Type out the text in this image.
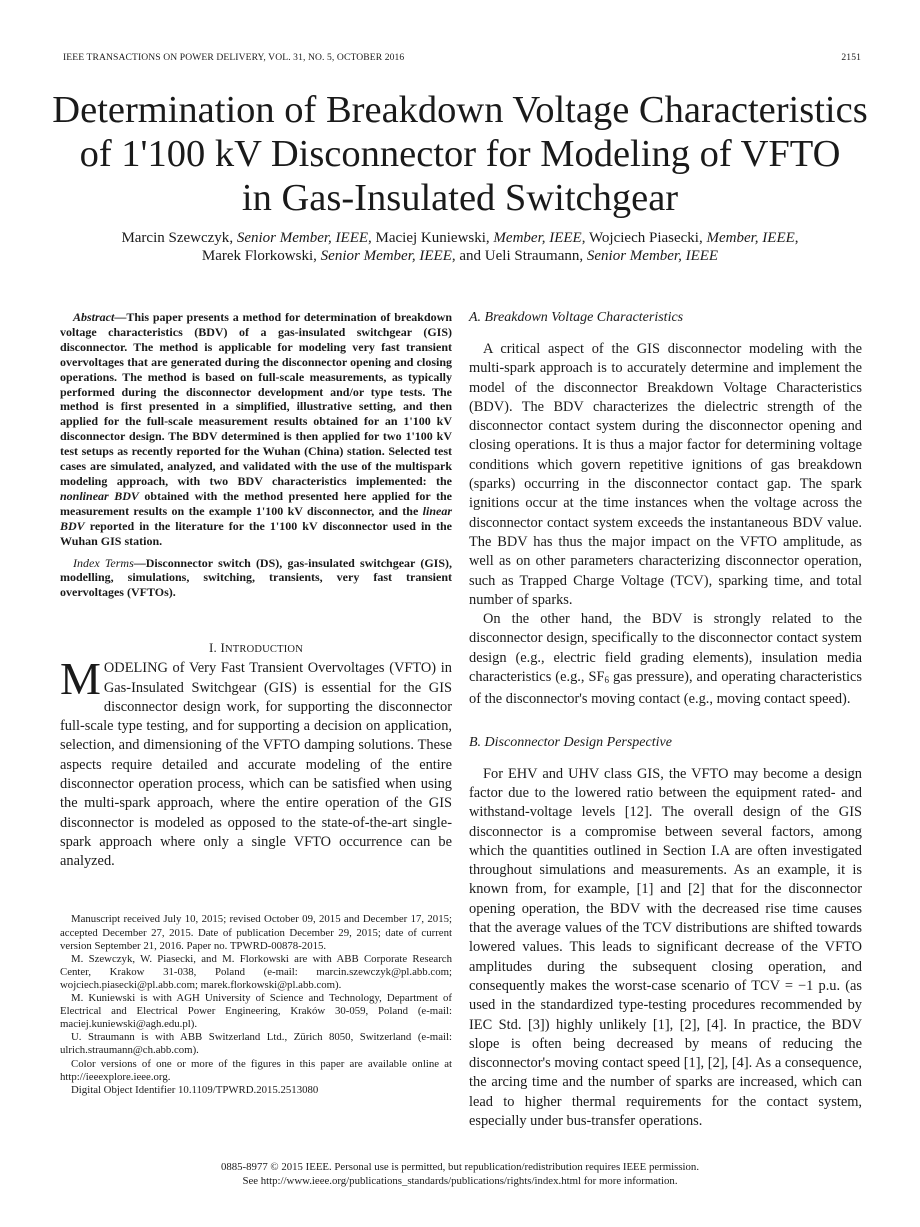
IEEE TRANSACTIONS ON POWER DELIVERY, VOL. 31, NO. 5, OCTOBER 2016	2151
Determination of Breakdown Voltage Characteristics
of 1'100 kV Disconnector for Modeling of VFTO
in Gas-Insulated Switchgear
Marcin Szewczyk, Senior Member, IEEE, Maciej Kuniewski, Member, IEEE, Wojciech Piasecki, Member, IEEE,
Marek Florkowski, Senior Member, IEEE, and Ueli Straumann, Senior Member, IEEE

Abstract—This paper presents a method for determination of breakdown voltage characteristics (BDV) of a gas-insulated switchgear (GIS) disconnector. The method is applicable for modeling very fast transient overvoltages that are generated during the disconnector opening and closing operations. The method is based on full-scale measurements, as typically performed during the disconnector development and/or type tests. The method is first presented in a simplified, illustrative setting, and then applied for the full-scale measurement results obtained for an 1'100 kV disconnector design. The BDV determined is then applied for two 1'100 kV test setups as recently reported for the Wuhan (China) station. Selected test cases are simulated, analyzed, and validated with the use of the multispark modeling approach, with two BDV characteristics implemented: the nonlinear BDV obtained with the method presented here applied for the measurement results on the example 1'100 kV disconnector, and the linear BDV reported in the literature for the 1'100 kV disconnector used in the Wuhan GIS station.

Index Terms—Disconnector switch (DS), gas-insulated switchgear (GIS), modelling, simulations, switching, transients, very fast transient overvoltages (VFTOs).

I. INTRODUCTION

MODELING of Very Fast Transient Overvoltages (VFTO) in Gas-Insulated Switchgear (GIS) is essential for the GIS disconnector design work, for supporting the disconnector full-scale type testing, and for supporting a decision on application, selection, and dimensioning of the VFTO damping solutions. These aspects require detailed and accurate modeling of the entire disconnector operation process, which can be satisfied when using the multi-spark approach, where the entire operation of the GIS disconnector is modeled as opposed to the state-of-the-art single-spark approach where only a single VFTO occurrence can be analyzed.

Manuscript received July 10, 2015; revised October 09, 2015 and December 17, 2015; accepted December 27, 2015. Date of publication December 29, 2015; date of current version September 21, 2016. Paper no. TPWRD-00878-2015.

M. Szewczyk, W. Piasecki, and M. Florkowski are with ABB Corporate Research Center, Krakow 31-038, Poland (e-mail: marcin.szewczyk@pl.abb.com; wojciech.piasecki@pl.abb.com; marek.florkowski@pl.abb.com).

M. Kuniewski is with AGH University of Science and Technology, Department of Electrical and Electrical Power Engineering, Kraków 30-059, Poland (e-mail: maciej.kuniewski@agh.edu.pl).

U. Straumann is with ABB Switzerland Ltd., Zürich 8050, Switzerland (e-mail: ulrich.straumann@ch.abb.com).

Color versions of one or more of the figures in this paper are available online at http://ieeexplore.ieee.org.

Digital Object Identifier 10.1109/TPWRD.2015.2513080

A. Breakdown Voltage Characteristics

A critical aspect of the GIS disconnector modeling with the multi-spark approach is to accurately determine and implement the model of the disconnector Breakdown Voltage Characteristics (BDV). The BDV characterizes the dielectric strength of the disconnector contact system during the disconnector opening and closing operations. It is thus a major factor for determining voltage conditions which govern repetitive ignitions of gas breakdown (sparks) occurring in the disconnector contact gap. The spark ignitions occur at the time instances when the voltage across the disconnector contact system exceeds the instantaneous BDV value. The BDV has thus the major impact on the VFTO amplitude, as well as on other parameters characterizing disconnector operation, such as Trapped Charge Voltage (TCV), sparking time, and total number of sparks.

On the other hand, the BDV is strongly related to the disconnector design, specifically to the disconnector contact system design (e.g., electric field grading elements), insulation media characteristics (e.g., SF6 gas pressure), and operating characteristics of the disconnector's moving contact (e.g., moving contact speed).

B. Disconnector Design Perspective

For EHV and UHV class GIS, the VFTO may become a design factor due to the lowered ratio between the equipment rated- and withstand-voltage levels [12]. The overall design of the GIS disconnector is a compromise between several factors, among which the quantities outlined in Section I.A are often investigated throughout simulations and measurements. As an example, it is known from, for example, [1] and [2] that for the disconnector opening operation, the BDV with the decreased rise time causes that the average values of the TCV distributions are shifted towards lowered values. This leads to significant decrease of the VFTO amplitudes during the subsequent closing operation, and consequently makes the worst-case scenario of TCV = −1 p.u. (as used in the standardized type-testing procedures recommended by IEC Std. [3]) highly unlikely [1], [2], [4]. In practice, the BDV slope is often being decreased by means of reducing the disconnector's moving contact speed [1], [2], [4]. As a consequence, the arcing time and the number of sparks are increased, which can lead to higher thermal requirements for the contact system, especially under bus-transfer operations.

0885-8977 © 2015 IEEE. Personal use is permitted, but republication/redistribution requires IEEE permission.
See http://www.ieee.org/publications_standards/publications/rights/index.html for more information.
